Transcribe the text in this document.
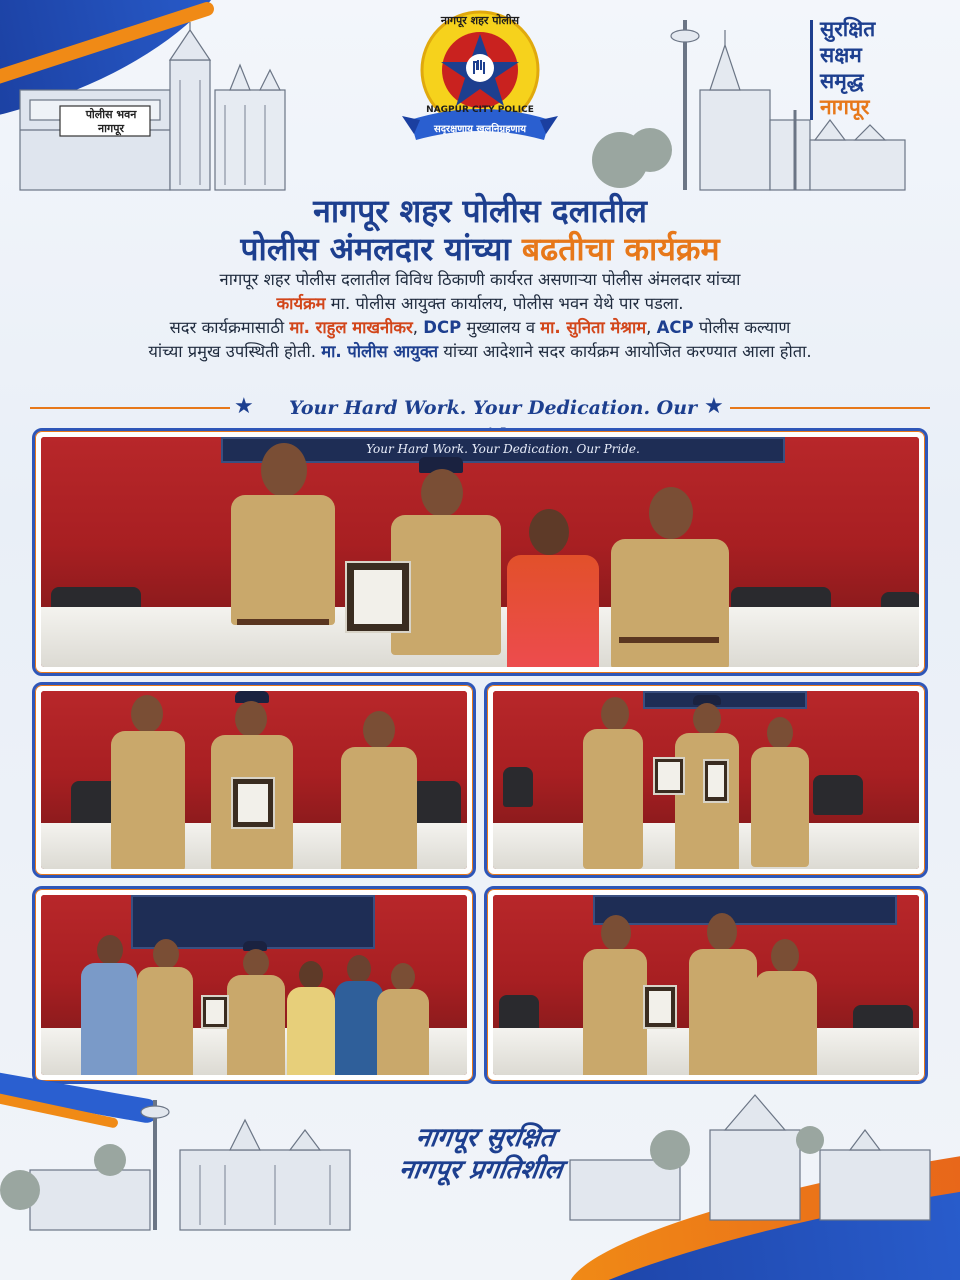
पोलीस भवन
नागपूर
नागपूर शहर पोलीस
NAGPUR CITY POLICE
सद्‌रक्षणाय खलनिग्रहणाय
सुरक्षित
सक्षम
समृद्ध
नागपूर
नागपूर शहर पोलीस दलातील
पोलीस अंमलदार यांच्या बढतीचा कार्यक्रम
नागपूर शहर पोलीस दलातील विविध ठिकाणी कार्यरत असणाऱ्या पोलीस अंमलदार यांच्या
कार्यक्रम मा. पोलीस आयुक्त कार्यालय, पोलीस भवन येथे पार पडला.
सदर कार्यक्रमासाठी मा. राहुल माखनीकर, DCP मुख्यालय व मा. सुनिता मेश्राम, ACP पोलीस कल्याण
यांच्या प्रमुख उपस्थिती होती. मा. पोलीस आयुक्त यांच्या आदेशाने सदर कार्यक्रम आयोजित करण्यात आला होता.
★	Your Hard Work. Your Dedication. Our ★
Your Hard Work. Your Dedication. Our Pride.
नागपूर सुरक्षित
नागपूर प्रगतिशील
